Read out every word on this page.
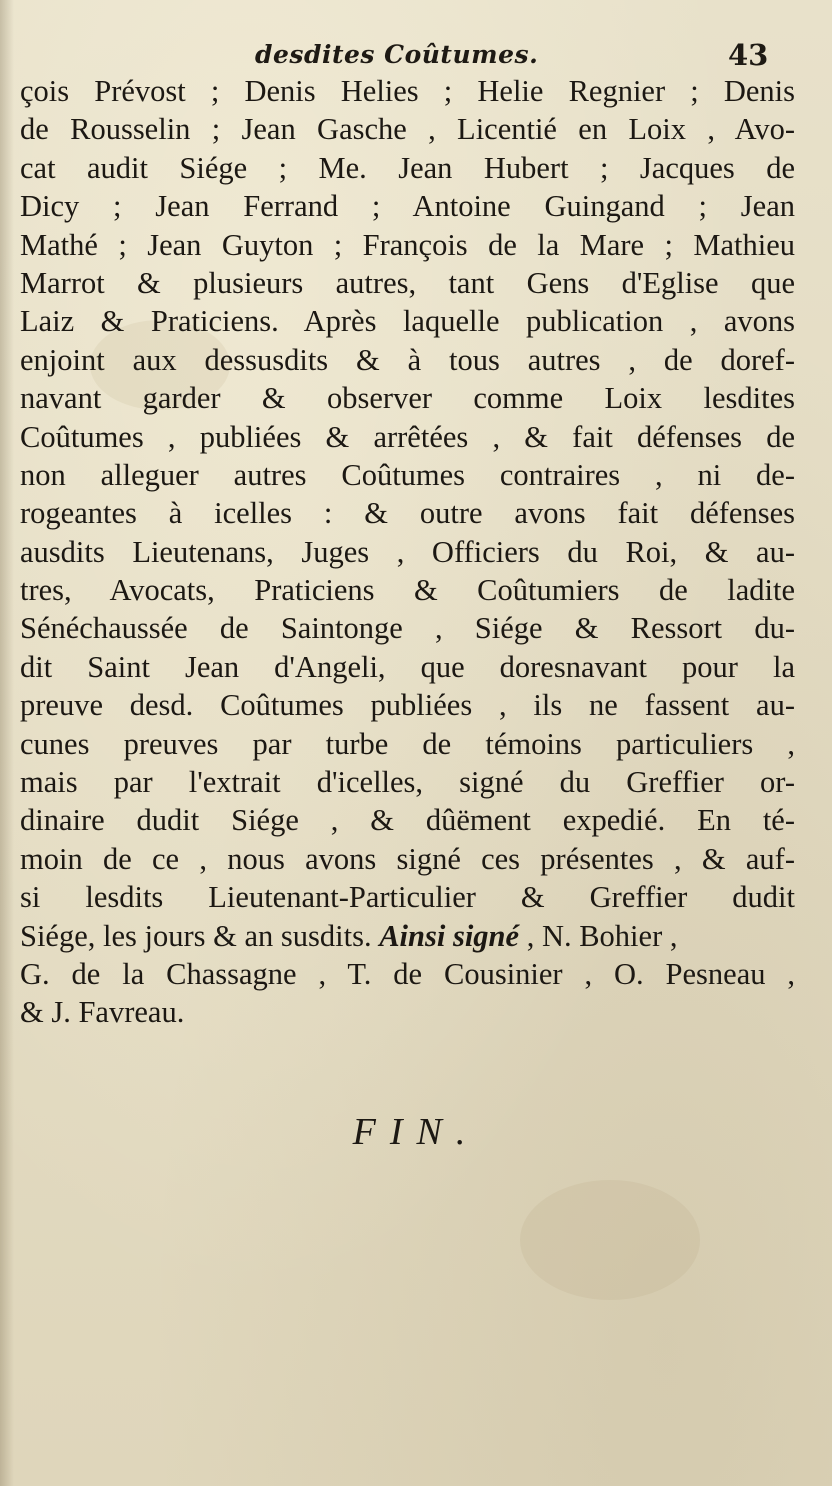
desdites Coûtumes.	43
çois Prévost ; Denis Helies ; Helie Regnier ; Denis
de Rousselin ; Jean Gasche , Licentié en Loix , Avo-
cat audit Siége ; Me. Jean Hubert ; Jacques de
Dicy ; Jean Ferrand ; Antoine Guingand ; Jean
Mathé ; Jean Guyton ; François de la Mare ; Mathieu
Marrot & plusieurs autres, tant Gens d'Eglise que
Laiz & Praticiens. Après laquelle publication , avons
enjoint aux dessusdits & à tous autres , de doref-
navant garder & observer comme Loix lesdites
Coûtumes , publiées & arrêtées , & fait défenses de
non alleguer autres Coûtumes contraires , ni de-
rogeantes à icelles : & outre avons fait défenses
ausdits Lieutenans, Juges , Officiers du Roi, & au-
tres, Avocats, Praticiens & Coûtumiers de ladite
Sénéchaussée de Saintonge , Siége & Ressort du-
dit Saint Jean d'Angeli, que doresnavant pour la
preuve desd. Coûtumes publiées , ils ne fassent au-
cunes preuves par turbe de témoins particuliers ,
mais par l'extrait d'icelles, signé du Greffier or-
dinaire dudit Siége , & dûëment expedié. En té-
moin de ce , nous avons signé ces présentes , & auf-
si lesdits Lieutenant-Particulier & Greffier dudit
Siége, les jours & an susdits. Ainsi signé , N. Bohier ,
G. de la Chassagne , T. de Cousinier , O. Pesneau ,
& J. Favreau.
FIN.
